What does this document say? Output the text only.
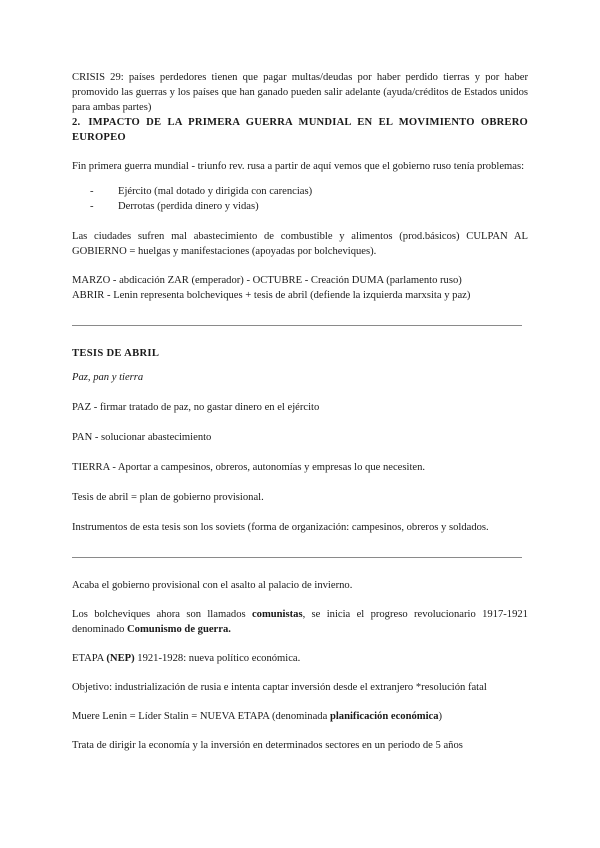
CRISIS 29: países perdedores tienen que pagar multas/deudas por haber perdido tierras y por haber promovido las guerras y los países que han ganado pueden salir adelante (ayuda/créditos de Estados unidos para ambas partes)

2. IMPACTO DE LA PRIMERA GUERRA MUNDIAL EN EL MOVIMIENTO OBRERO EUROPEO

Fin primera guerra mundial - triunfo rev. rusa a partir de aquí vemos que el gobierno ruso tenía problemas:

- Ejército (mal dotado y dirigida con carencias)
- Derrotas (perdida dinero y vidas)

Las ciudades sufren mal abastecimiento de combustible y alimentos (prod.básicos) CULPAN AL GOBIERNO = huelgas y manifestaciones (apoyadas por bolcheviques).

MARZO - abdicación ZAR (emperador) - OCTUBRE - Creación DUMA (parlamento ruso)

ABRIR - Lenin representa bolcheviques + tesis de abril (defiende la izquierda marxsita y paz)

TESIS DE ABRIL

Paz, pan y tierra

PAZ - firmar tratado de paz, no gastar dinero en el ejército

PAN - solucionar abastecimiento

TIERRA - Aportar a campesinos, obreros, autonomías y empresas lo que necesiten.

Tesis de abril = plan de gobierno provisional.

Instrumentos de esta tesis son los soviets (forma de organización: campesinos, obreros y soldados.

Acaba el gobierno provisional con el asalto al palacio de invierno.

Los bolcheviques ahora son llamados comunistas, se inicia el progreso revolucionario 1917-1921 denominado Comunismo de guerra.

ETAPA (NEP) 1921-1928: nueva político económica.

Objetivo: industrialización de rusia e intenta captar inversión desde el extranjero *resolución fatal

Muere Lenin = Líder Stalin = NUEVA ETAPA (denominada planificación económica)

Trata de dirigir la economía y la inversión en determinados sectores en un periodo de 5 años
